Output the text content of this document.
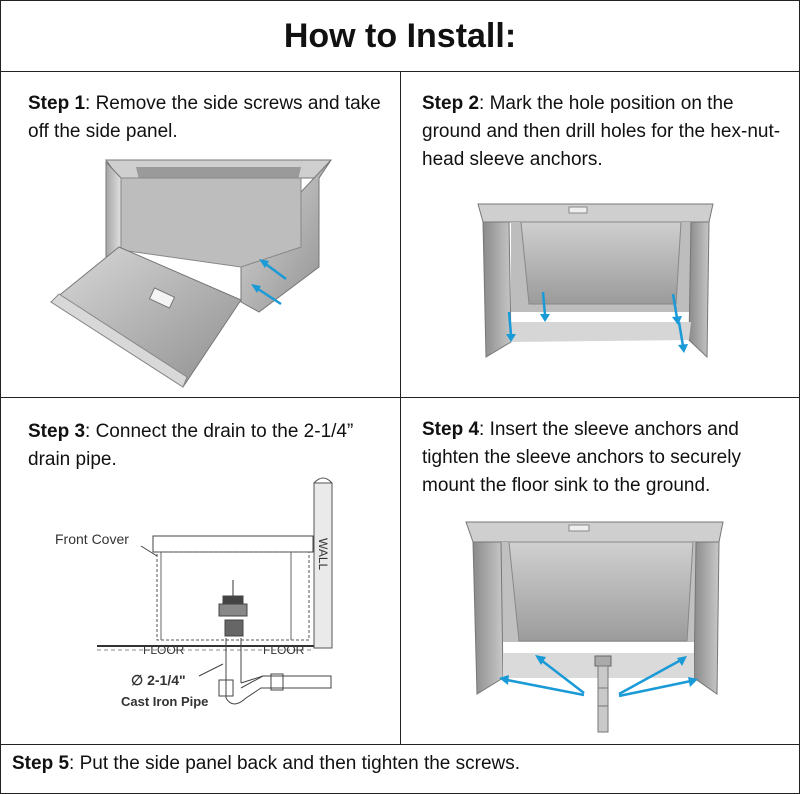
How to Install:
Step 1: Remove the side screws and take off the side panel.
Step 2: Mark the hole position on the ground and then drill holes for the hex-nut-head sleeve anchors.
Step 3: Connect the drain to the 2-1/4” drain pipe.
WALL
Front Cover
FLOOR	FLOOR
∅ 2-1/4"
Cast Iron Pipe
Step 4: Insert the sleeve anchors and tighten the sleeve anchors to securely mount the floor sink to the ground.
Step 5: Put the side panel back and then tighten the screws.
